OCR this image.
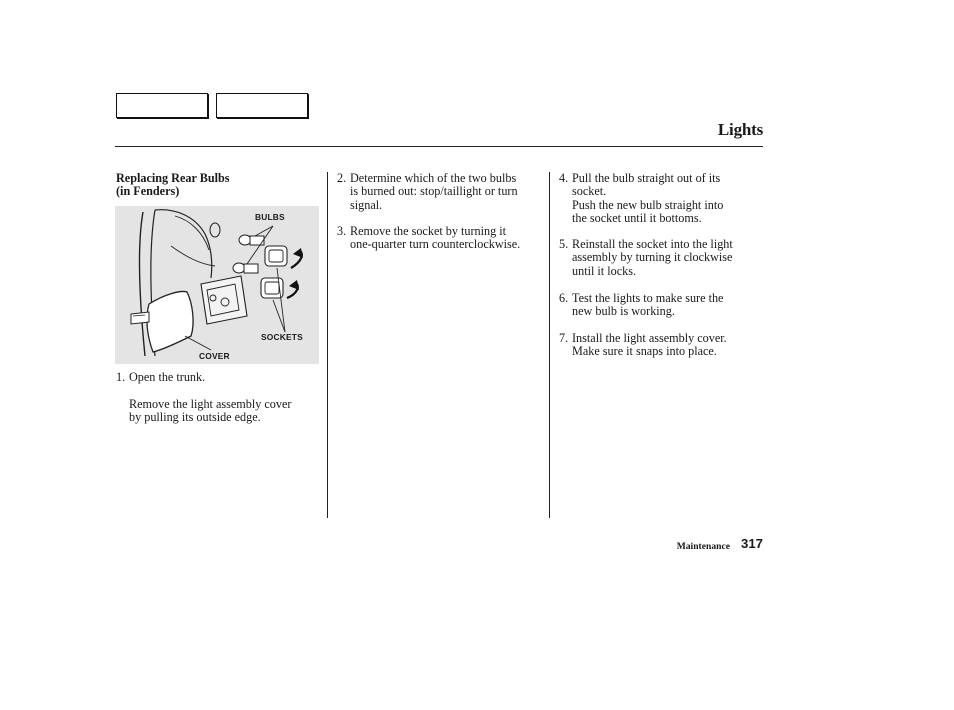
Lights
Replacing Rear Bulbs
(in Fenders)
BULBS
SOCKETS
COVER
1. Open the trunk.
Remove the light assembly cover
by pulling its outside edge.
2. Determine which of the two bulbs
is burned out: stop/taillight or turn
signal.
3. Remove the socket by turning it
one-quarter turn counterclockwise.
4. Pull the bulb straight out of its
socket.
Push the new bulb straight into
the socket until it bottoms.
5. Reinstall the socket into the light
assembly by turning it clockwise
until it locks.
6. Test the lights to make sure the
new bulb is working.
7. Install the light assembly cover.
Make sure it snaps into place.
Maintenance 317
